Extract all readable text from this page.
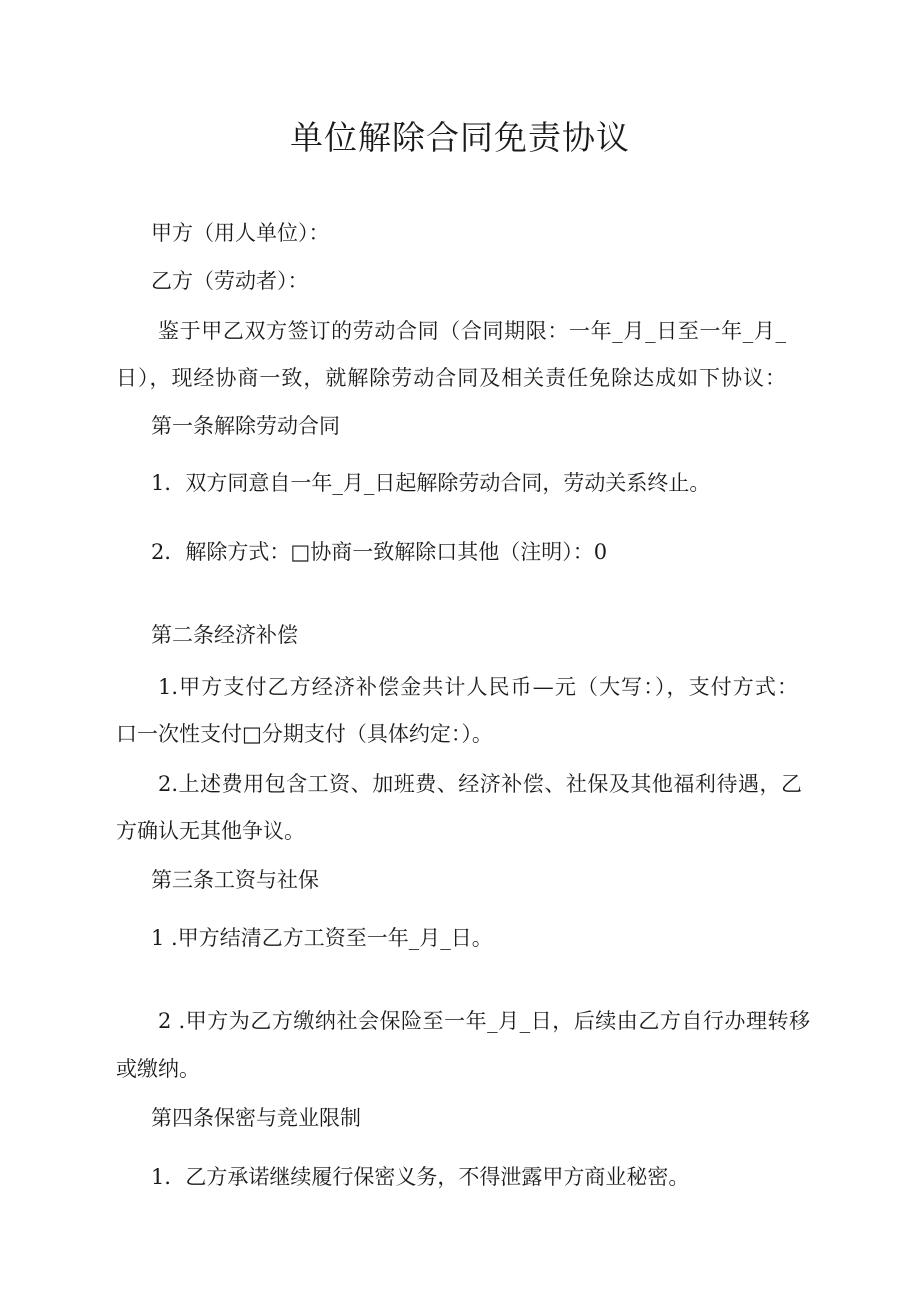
单位解除合同免责协议

甲方（用人单位）：

乙方（劳动者）：

鉴于甲乙双方签订的劳动合同（合同期限：一年_月_日至一年_月_

日），现经协商一致，就解除劳动合同及相关责任免除达成如下协议：

第一条解除劳动合同

1．双方同意自一年_月_日起解除劳动合同，劳动关系终止。

2．解除方式：□协商一致解除口其他（注明）：0

第二条经济补偿

1.甲方支付乙方经济补偿金共计人民币—元（大写：），支付方式：

口一次性支付□分期支付（具体约定：）。

2.上述费用包含工资、加班费、经济补偿、社保及其他福利待遇，乙

方确认无其他争议。

第三条工资与社保

1 .甲方结清乙方工资至一年_月_日。

2 .甲方为乙方缴纳社会保险至一年_月_日，后续由乙方自行办理转移

或缴纳。

第四条保密与竞业限制

1．乙方承诺继续履行保密义务，不得泄露甲方商业秘密。
